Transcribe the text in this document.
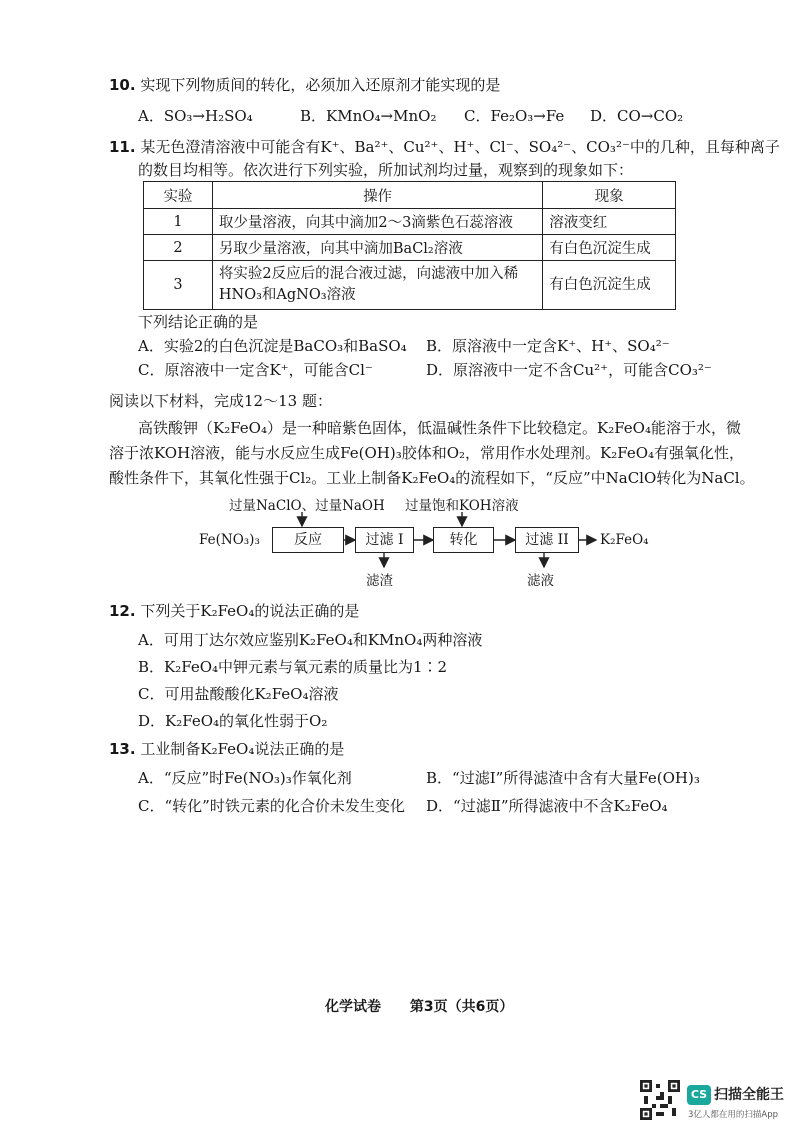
10. 实现下列物质间的转化，必须加入还原剂才能实现的是
A．SO₃→H₂SO₄	B．KMnO₄→MnO₂ C．Fe₂O₃→Fe D．CO→CO₂
11. 某无色澄清溶液中可能含有K⁺、Ba²⁺、Cu²⁺、H⁺、Cl⁻、SO₄²⁻、CO₃²⁻中的几种，且每种离子
的数目均相等。依次进行下列实验，所加试剂均过量，观察到的现象如下：
实验	操作	现象
1	取少量溶液，向其中滴加2～3滴紫色石蕊溶液	溶液变红
2	另取少量溶液，向其中滴加BaCl₂溶液	有白色沉淀生成
3	将实验2反应后的混合液过滤，向滤液中加入稀
HNO₃和AgNO₃溶液	有白色沉淀生成
下列结论正确的是
A．实验2的白色沉淀是BaCO₃和BaSO₄ B．原溶液中一定含K⁺、H⁺、SO₄²⁻
C．原溶液中一定含K⁺，可能含Cl⁻	D．原溶液中一定不含Cu²⁺，可能含CO₃²⁻
阅读以下材料，完成12～13 题：
高铁酸钾（K₂FeO₄）是一种暗紫色固体，低温碱性条件下比较稳定。K₂FeO₄能溶于水，微
溶于浓KOH溶液，能与水反应生成Fe(OH)₃胶体和O₂，常用作水处理剂。K₂FeO₄有强氧化性，
酸性条件下，其氧化性强于Cl₂。工业上制备K₂FeO₄的流程如下，“反应”中NaClO转化为NaCl。
Fe(NO₃)₃
过量NaClO、过量NaOH 过量饱和KOH溶液
反应	过滤 I	转化	过滤 II	K₂FeO₄
滤渣	滤液
12. 下列关于K₂FeO₄的说法正确的是
A．可用丁达尔效应鉴别K₂FeO₄和KMnO₄两种溶液
B．K₂FeO₄中钾元素与氧元素的质量比为1∶2
C．可用盐酸酸化K₂FeO₄溶液
D．K₂FeO₄的氧化性弱于O₂
13. 工业制备K₂FeO₄说法正确的是
A．“反应”时Fe(NO₃)₃作氧化剂	B．“过滤I”所得滤渣中含有大量Fe(OH)₃
C．“转化”时铁元素的化合价未发生变化 D．“过滤Ⅱ”所得滤液中不含K₂FeO₄
化学试卷 第3页（共6页）
CS 扫描全能王
3亿人都在用的扫描App
